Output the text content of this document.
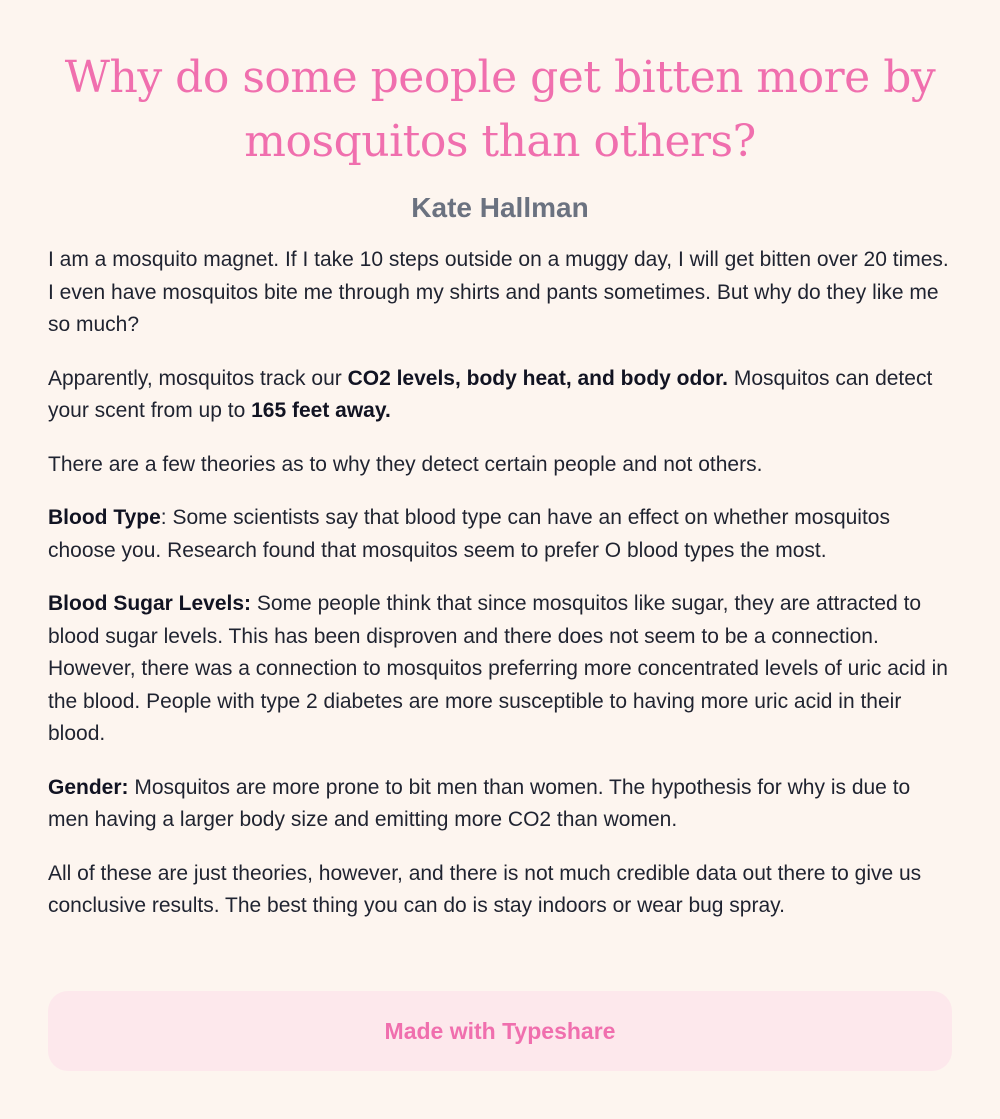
Why do some people get bitten more by mosquitos than others?
Kate Hallman

I am a mosquito magnet. If I take 10 steps outside on a muggy day, I will get bitten over 20 times. I even have mosquitos bite me through my shirts and pants sometimes. But why do they like me so much?

Apparently, mosquitos track our CO2 levels, body heat, and body odor. Mosquitos can detect your scent from up to 165 feet away.

There are a few theories as to why they detect certain people and not others.

Blood Type: Some scientists say that blood type can have an effect on whether mosquitos choose you. Research found that mosquitos seem to prefer O blood types the most.

Blood Sugar Levels: Some people think that since mosquitos like sugar, they are attracted to blood sugar levels. This has been disproven and there does not seem to be a connection. However, there was a connection to mosquitos preferring more concentrated levels of uric acid in the blood. People with type 2 diabetes are more susceptible to having more uric acid in their blood.

Gender: Mosquitos are more prone to bit men than women. The hypothesis for why is due to men having a larger body size and emitting more CO2 than women.

All of these are just theories, however, and there is not much credible data out there to give us conclusive results. The best thing you can do is stay indoors or wear bug spray.

Made with Typeshare
